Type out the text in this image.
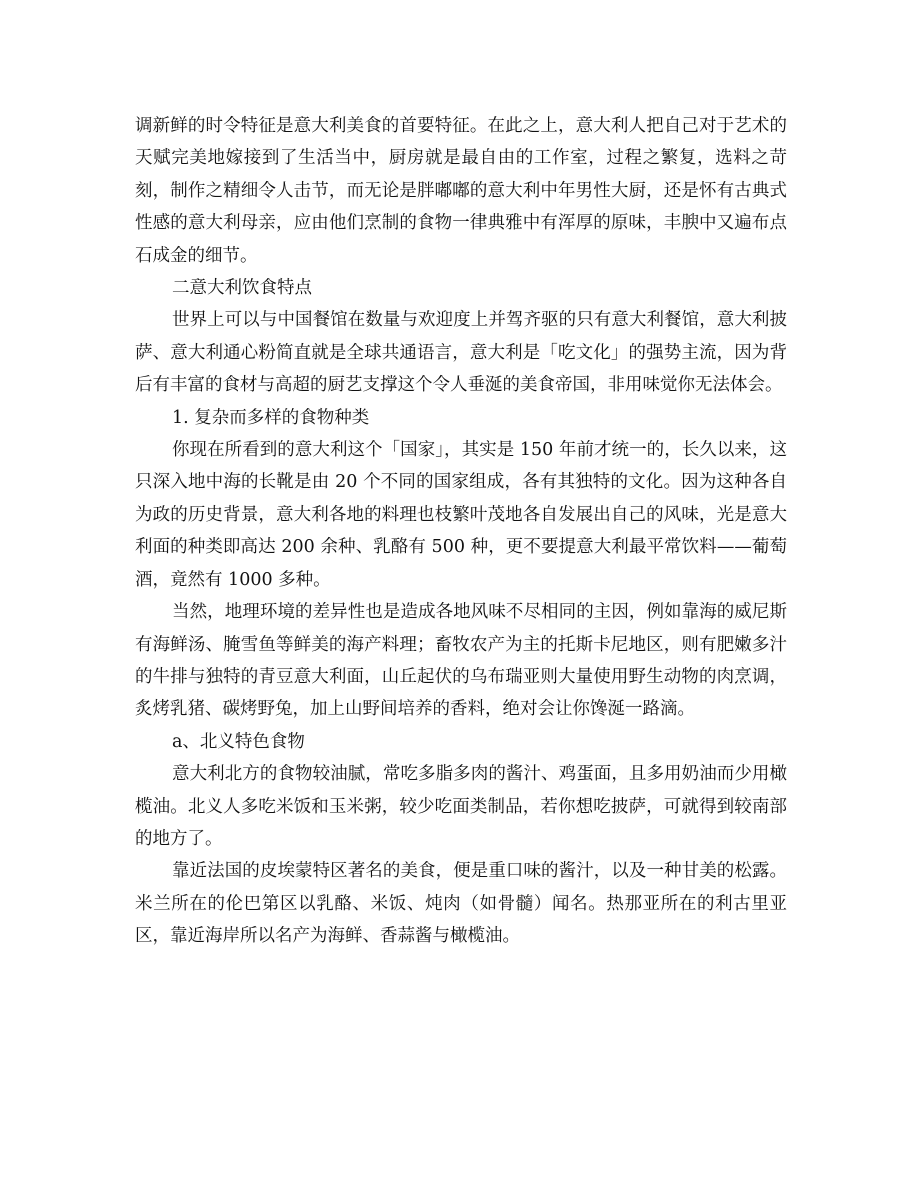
调新鲜的时令特征是意大利美食的首要特征。在此之上，意大利人把自己对于艺术的天赋完美地嫁接到了生活当中，厨房就是最自由的工作室，过程之繁复，选料之苛刻，制作之精细令人击节，而无论是胖嘟嘟的意大利中年男性大厨，还是怀有古典式性感的意大利母亲，应由他们烹制的食物一律典雅中有浑厚的原味，丰腴中又遍布点石成金的细节。

二意大利饮食特点

世界上可以与中国餐馆在数量与欢迎度上并驾齐驱的只有意大利餐馆，意大利披萨、意大利通心粉简直就是全球共通语言，意大利是「吃文化」的强势主流，因为背后有丰富的食材与高超的厨艺支撑这个令人垂涎的美食帝国，非用味觉你无法体会。

1. 复杂而多样的食物种类

你现在所看到的意大利这个「国家」，其实是 150 年前才统一的，长久以来，这只深入地中海的长靴是由 20 个不同的国家组成，各有其独特的文化。因为这种各自为政的历史背景，意大利各地的料理也枝繁叶茂地各自发展出自己的风味，光是意大利面的种类即高达 200 余种、乳酪有 500 种，更不要提意大利最平常饮料——葡萄酒，竟然有 1000 多种。

当然，地理环境的差异性也是造成各地风味不尽相同的主因，例如靠海的威尼斯有海鲜汤、腌雪鱼等鲜美的海产料理；畜牧农产为主的托斯卡尼地区，则有肥嫩多汁的牛排与独特的青豆意大利面，山丘起伏的乌布瑞亚则大量使用野生动物的肉烹调，炙烤乳猪、碳烤野兔，加上山野间培养的香料，绝对会让你馋涎一路滴。

a、北义特色食物

意大利北方的食物较油腻，常吃多脂多肉的酱汁、鸡蛋面，且多用奶油而少用橄榄油。北义人多吃米饭和玉米粥，较少吃面类制品，若你想吃披萨，可就得到较南部的地方了。

靠近法国的皮埃蒙特区著名的美食，便是重口味的酱汁，以及一种甘美的松露。米兰所在的伦巴第区以乳酪、米饭、炖肉（如骨髓）闻名。热那亚所在的利古里亚区，靠近海岸所以名产为海鲜、香蒜酱与橄榄油。
